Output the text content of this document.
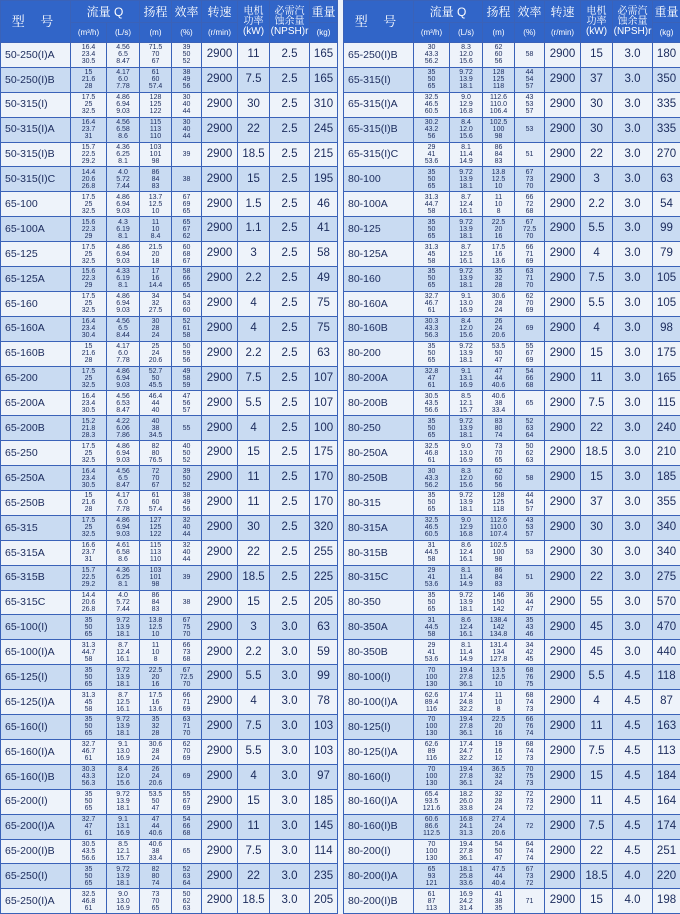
型 号	流量 Q		扬程	效率	转速	电机
功率
(kW)	必需汽
蚀余量
(NPSH)r	重量
	(m³/h)	(L/s)	(m)	(%)	(r/min)			(kg)
50-250(I)A	16.4
23.4
30.5	4.56
6.5
8.47	71.5
70
67	39
50
52	2900	11	2.5	165
50-250(I)B	15
21.6
28	4.17
6.0
7.78	61
60
57.4	38
49
56	2900	7.5	2.5	165
50-315(I)	17.5
25
32.5	4.86
6.94
9.03	128
125
122	30
40
44	2900	30	2.5	310
50-315(I)A	16.4
23.7
31	4.56
6.58
8.6	115
113
110	30
40
44	2900	22	2.5	245
50-315(I)B	15.7
22.5
29.2	4.36
6.25
8.1	103
101
98	39	2900	18.5	2.5	215
50-315(I)C	14.4
20.6
26.8	4.0
5.72
7.44	86
84
83	38	2900	15	2.5	195
65-100	17.5
25
32.5	4.86
6.94
9.03	13.7
12.5
10	67
69
65	2900	1.5	2.5	46
65-100A	15.6
22.3
29	4.3
6.19
8.1	11
10
8.4	65
67
62	2900	1.1	2.5	41
65-125	17.5
25
32.5	4.86
6.94
9.03	21.5
20
18	60
68
67	2900	3	2.5	58
65-125A	15.6
22.3
29	4.33
6.19
8.1	17
16
14.4	58
66
65	2900	2.2	2.5	49
65-160	17.5
25
32.5	4.86
6.94
9.03	34
32
27.5	54
63
60	2900	4	2.5	75
65-160A	16.4
23.4
30.4	4.56
6.5
8.44	30
28
24	52
61
58	2900	4	2.5	75
65-160B	15
21.6
28	4.17
6.0
7.78	25
24
20.6	50
59
56	2900	2.2	2.5	63
65-200	17.5
25
32.5	4.86
6.94
9.03	52.7
50
45.5	49
58
59	2900	7.5	2.5	107
65-200A	16.4
23.4
30.5	4.56
6.53
8.47	46.4
44
40	47
56
57	2900	5.5	2.5	107
65-200B	15.2
21.8
28.3	4.22
6.06
7.86	40
38
34.5	55	2900	4	2.5	100
65-250	17.5
25
32.5	4.86
6.94
9.03	82
80
76.5	40
50
52	2900	15	2.5	175
65-250A	16.4
23.4
30.5	4.56
6.5
8.47	72
70
67	39
50
52	2900	11	2.5	170
65-250B	15
21.6
28	4.17
6.0
7.78	61
60
57.4	38
49
56	2900	11	2.5	170
65-315	17.5
25
32.5	4.86
6.94
9.03	127
125
122	32
40
44	2900	30	2.5	320
65-315A	16.6
23.7
31	4.61
6.58
8.6	115
113
110	32
40
44	2900	22	2.5	255
65-315B	15.7
22.5
29.2	4.36
6.25
8.1	103
101
98	39	2900	18.5	2.5	225
65-315C	14.4
20.6
26.8	4.0
5.72
7.44	86
84
83	38	2900	15	2.5	205
65-100(I)	35
50
65	9.72
13.9
18.1	13.8
12.5
10	67
75
70	2900	3	3.0	63
65-100(I)A	31.3
44.7
58	8.7
12.4
16.1	11
10
8	66
73
68	2900	2.2	3.0	59
65-125(I)	35
50
65	9.72
13.9
18.1	22.5
20
16	67
72.5
70	2900	5.5	3.0	99
65-125(I)A	31.3
45
58	8.7
12.5
16.1	17.5
16
13.6	66
71
69	2900	4	3.0	78
65-160(I)	35
50
65	9.72
13.9
18.1	35
32
28	63
71
70	2900	7.5	3.0	103
65-160(I)A	32.7
46.7
61	9.1
13.0
16.9	30.6
28
24	62
70
69	2900	5.5	3.0	103
65-160(I)B	30.3
43.3
56.3	8.4
12.0
15.6	26
24
20.6	69	2900	4	3.0	97
65-200(I)	35
50
65	9.72
13.9
18.1	53.5
50
47	55
67
69	2900	15	3.0	185
65-200(I)A	32.7
47
61	9.1
13.1
16.9	47
44
40.6	54
66
68	2900	11	3.0	145
65-200(I)B	30.5
43.5
56.6	8.5
12.1
15.7	40.6
38
33.4	65	2900	7.5	3.0	114
65-250(I)	35
50
65	9.72
13.9
18.1	82
80
74	52
63
64	2900	22	3.0	235
65-250(I)A	32.5
46.8
61	9.0
13.0
16.9	73
70
65	50
62
63	2900	18.5	3.0	205
型 号	流量 Q		扬程	效率	转速	电机
功率
(kW)	必需汽
蚀余量
(NPSH)r	重量
	(m³/h)	(L/s)	(m)	(%)	(r/min)			(kg)
65-250(I)B	30
43.3
56.2	8.3
12.0
15.6	62
60
56	58	2900	15	3.0	180
65-315(I)	35
50
65	9.72
13.9
18.1	128
125
118	44
54
57	2900	37	3.0	350
65-315(I)A	32.5
46.5
60.5	9.0
12.9
16.8	112.6
110.0
106.4	43
53
57	2900	30	3.0	335
65-315(I)B	30.2
43.2
56	8.4
12.0
15.6	102.5
100
98	53	2900	30	3.0	335
65-315(I)C	29
41
53.6	8.1
11.4
14.9	86
84
83	51	2900	22	3.0	270
80-100	35
50
65	9.72
13.9
18.1	13.8
12.5
10	67
73
70	2900	3	3.0	63
80-100A	31.3
44.7
58	8.7
12.4
16.1	11
10
8	66
72
68	2900	2.2	3.0	54
80-125	35
50
65	9.72
13.9
18.1	22.5
20
16	67
72.5
70	2900	5.5	3.0	99
80-125A	31.3
45
58	8.7
12.5
16.1	17.5
16
13.6	66
71
69	2900	4	3.0	79
80-160	35
50
65	9.72
13.9
18.1	35
32
28	63
71
70	2900	7.5	3.0	105
80-160A	32.7
46.7
61	9.1
13.0
16.9	30.6
28
24	62
70
69	2900	5.5	3.0	105
80-160B	30.3
43.3
56.3	8.4
12.0
15.6	26
24
20.6	69	2900	4	3.0	98
80-200	35
50
65	9.72
13.9
18.1	53.5
50
47	55
67
69	2900	15	3.0	175
80-200A	32.8
47
61	9.1
13.1
16.9	47
44
40.6	54
66
68	2900	11	3.0	165
80-200B	30.5
43.5
56.6	8.5
12.1
15.7	40.6
38
33.4	65	2900	7.5	3.0	115
80-250	35
50
65	9.72
13.9
18.1	83
80
74	52
63
64	2900	22	3.0	240
80-250A	32.5
46.8
61	9.0
13.0
16.9	73
70
65	50
62
63	2900	18.5	3.0	210
80-250B	30
43.3
56.2	8.3
12.0
15.6	62
60
56	58	2900	15	3.0	185
80-315	35
50
65	9.72
13.9
18.1	128
125
118	44
54
57	2900	37	3.0	355
80-315A	32.5
46.5
60.5	9.0
12.9
16.8	112.6
110.0
107.4	43
53
57	2900	30	3.0	340
80-315B	31
44.5
58	8.6
12.4
16.1	102.5
100
98	53	2900	30	3.0	340
80-315C	29
41
53.6	8.1
11.4
14.9	86
84
83	51	2900	22	3.0	275
80-350	35
50
65	9.72
13.9
18.1	146
150
142	36
44
47	2900	55	3.0	570
80-350A	31
44.5
58	8.6
12.4
16.1	138.4
142
134.8	35
43
46	2900	45	3.0	470
80-350B	29
41
53.6	8.1
11.4
14.9	131.4
134
127.8	34
42
45	2900	45	3.0	440
80-100(I)	70
100
130	19.4
27.8
36.1	13.5
12.5
10	68
76
75	2900	5.5	4.5	118
80-100(I)A	62.6
89.4
116	17.4
24.8
32.2	11
10
8	68
74
73	2900	4	4.5	87
80-125(I)	70
100
130	19.4
27.8
36.1	22.5
20
16	66
76
74	2900	11	4.5	163
80-125(I)A	62.6
89
116	17.4
24.7
32.2	19
16
12	68
74
73	2900	7.5	4.5	113
80-160(I)	70
100
130	19.4
27.8
36.1	36.5
32
24	70
75
73	2900	15	4.5	184
80-160(I)A	65.4
93.5
121.6	18.2
26.0
33.8	32
28
24	72
73
72	2900	11	4.5	164
80-160(I)B	60.6
86.6
112.5	16.8
24.1
31.3	27.4
24
20.6	72	2900	7.5	4.5	174
80-200(I)	70
100
130	19.4
27.8
36.1	54
50
47	64
74
74	2900	22	4.5	251
80-200(I)A	65
93
121	18.1
25.8
33.6	47.5
44
40.4	67
73
72	2900	18.5	4.0	220
80-200(I)B	61
87
113	16.9
24.2
31.4	41
38
35	71	2900	15	4.0	198
